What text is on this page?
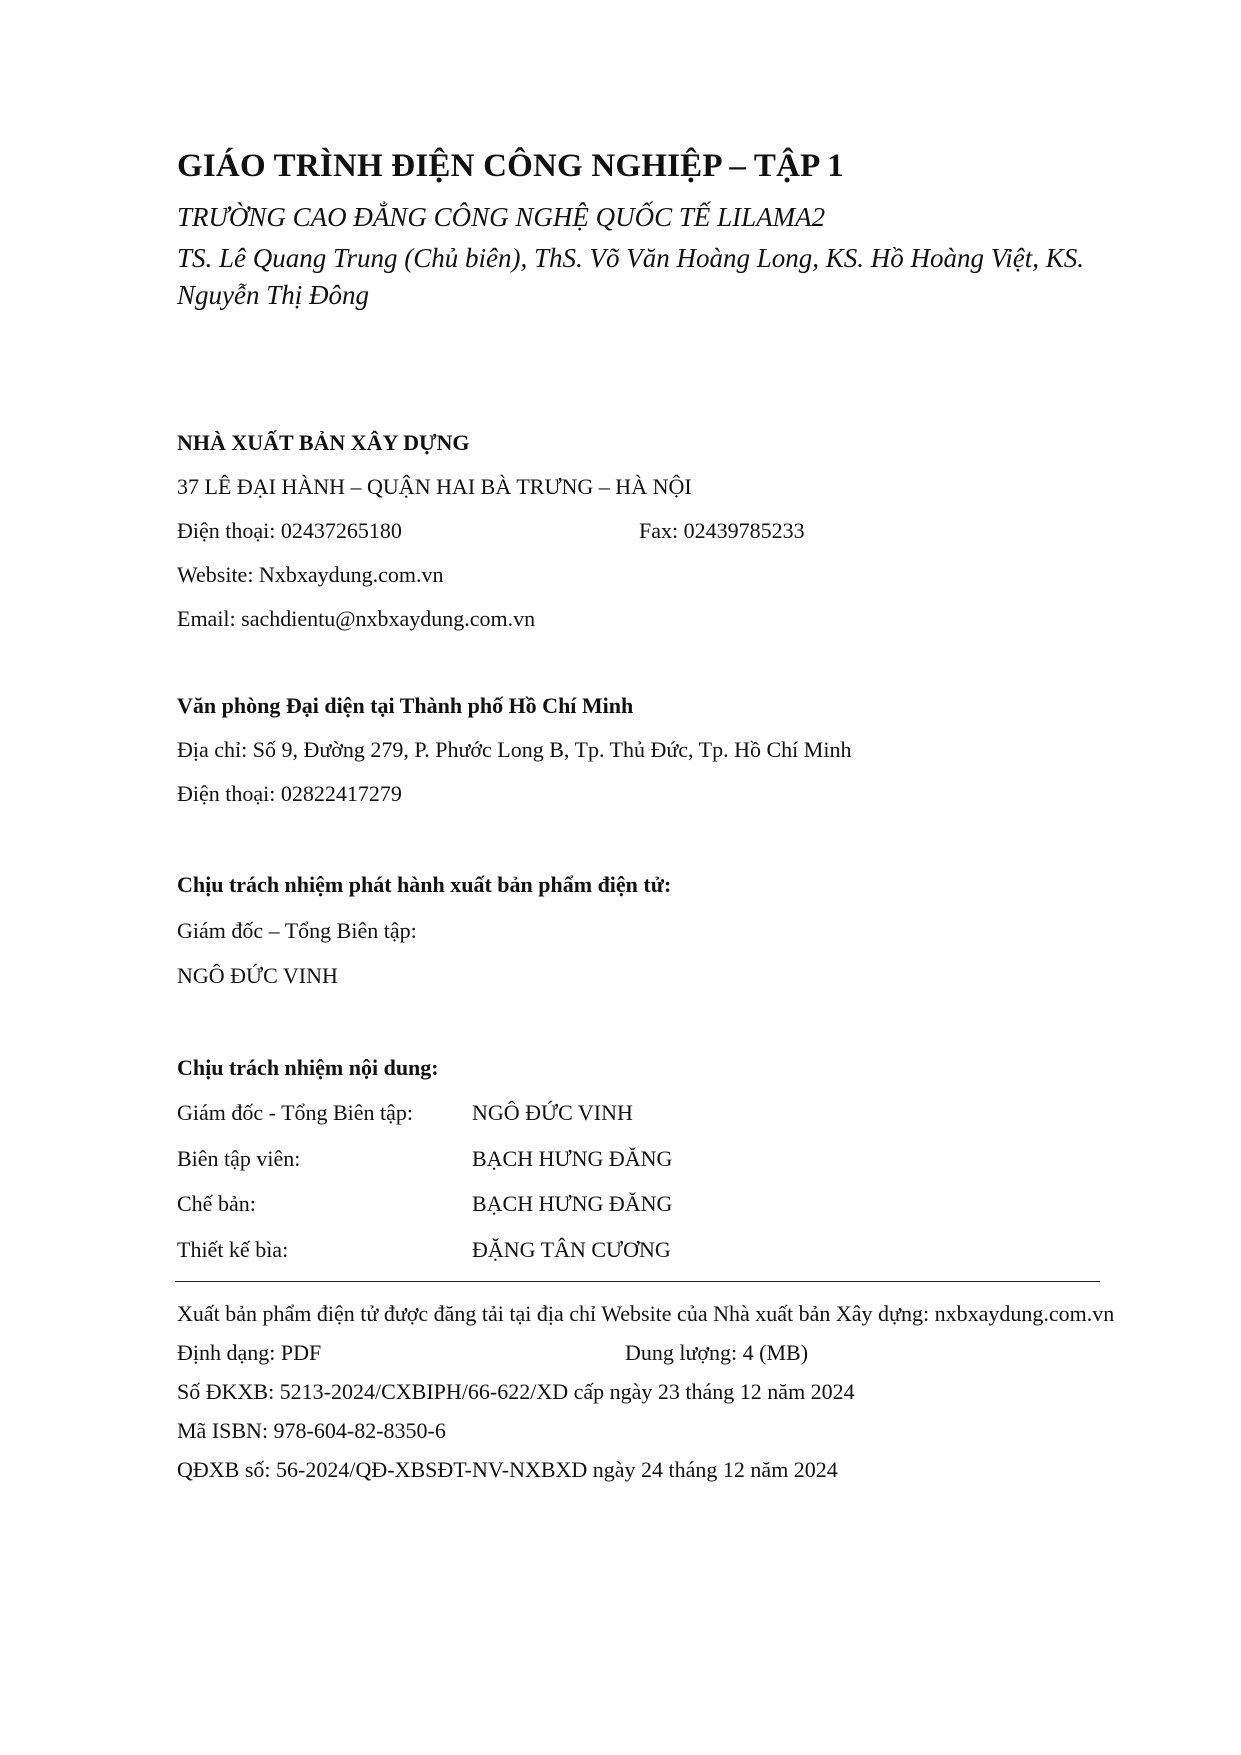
GIÁO TRÌNH ĐIỆN CÔNG NGHIỆP – TẬP 1
TRƯỜNG CAO ĐẲNG CÔNG NGHỆ QUỐC TẾ LILAMA2
TS. Lê Quang Trung (Chủ biên), ThS. Võ Văn Hoàng Long, KS. Hồ Hoàng Việt, KS. Nguyễn Thị Đông
NHÀ XUẤT BẢN XÂY DỰNG
37 LÊ ĐẠI HÀNH – QUẬN HAI BÀ TRƯNG – HÀ NỘI
Điện thoại: 02437265180	Fax: 02439785233
Website: Nxbxaydung.com.vn
Email: sachdientu@nxbxaydung.com.vn
Văn phòng Đại diện tại Thành phố Hồ Chí Minh
Địa chỉ: Số 9, Đường 279, P. Phước Long B, Tp. Thủ Đức, Tp. Hồ Chí Minh
Điện thoại: 02822417279
Chịu trách nhiệm phát hành xuất bản phẩm điện tử:
Giám đốc – Tổng Biên tập:
NGÔ ĐỨC VINH
Chịu trách nhiệm nội dung:
Giám đốc - Tổng Biên tập:	NGÔ ĐỨC VINH
Biên tập viên:	BẠCH HƯNG ĐĂNG
Chế bản:	BẠCH HƯNG ĐĂNG
Thiết kế bìa:	ĐẶNG TÂN CƯƠNG
Xuất bản phẩm điện tử được đăng tải tại địa chỉ Website của Nhà xuất bản Xây dựng: nxbxaydung.com.vn
Định dạng: PDF	Dung lượng: 4 (MB)
Số ĐKXB: 5213-2024/CXBIPH/66-622/XD cấp ngày 23 tháng 12 năm 2024
Mã ISBN: 978-604-82-8350-6
QĐXB số: 56-2024/QĐ-XBSĐT-NV-NXBXD ngày 24 tháng 12 năm 2024
